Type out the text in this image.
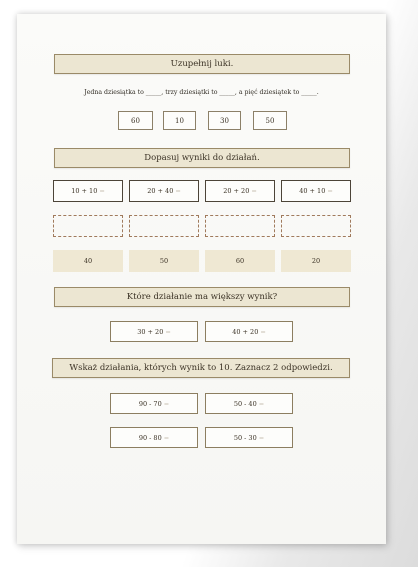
Uzupełnij luki.
Jedna dziesiątka to _____, trzy dziesiątki to _____, a pięć dziesiątek to _____.
60	10	30	50
Dopasuj wyniki do działań.
10 + 10 =	20 + 40 =	20 + 20 =	40 + 10 =
40	50	60	20
Które działanie ma większy wynik?
30 + 20 =	40 + 20 =
Wskaż działania, których wynik to 10. Zaznacz 2 odpowiedzi.
90 - 70 =	50 - 40 =
90 - 80 =	50 - 30 =
